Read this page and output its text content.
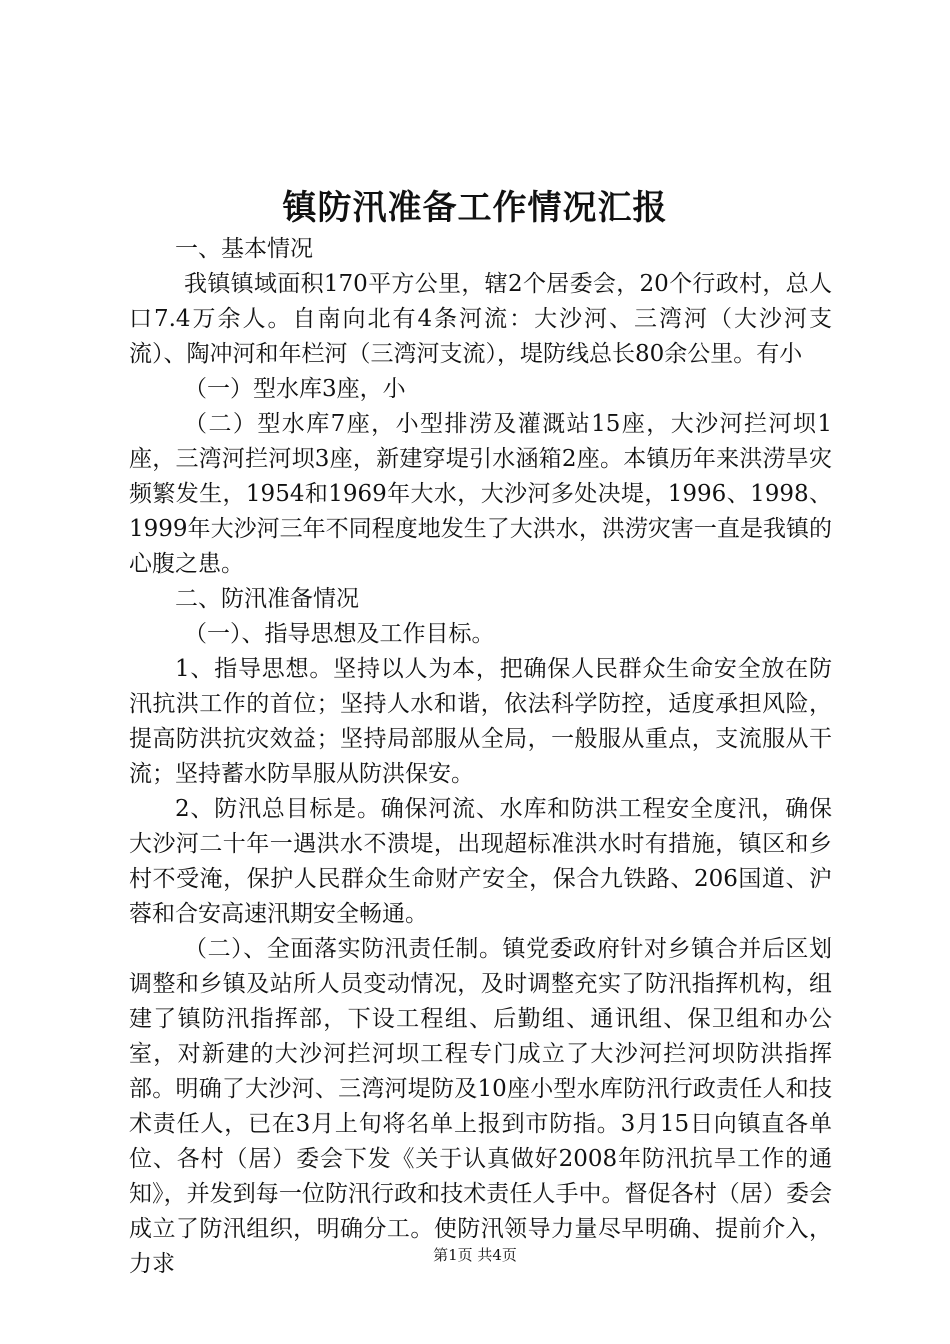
镇防汛准备工作情况汇报

一、基本情况

我镇镇域面积170平方公里，辖2个居委会，20个行政村，总人口7.4万余人。自南向北有4条河流：大沙河、三湾河（大沙河支流）、陶冲河和年栏河（三湾河支流），堤防线总长80余公里。有小

（一）型水库3座，小

（二）型水库7座，小型排涝及灌溉站15座，大沙河拦河坝1座，三湾河拦河坝3座，新建穿堤引水涵箱2座。本镇历年来洪涝旱灾频繁发生，1954和1969年大水，大沙河多处决堤，1996、1998、1999年大沙河三年不同程度地发生了大洪水，洪涝灾害一直是我镇的心腹之患。

二、防汛准备情况

（一）、指导思想及工作目标。

1、指导思想。坚持以人为本，把确保人民群众生命安全放在防汛抗洪工作的首位；坚持人水和谐，依法科学防控，适度承担风险，提高防洪抗灾效益；坚持局部服从全局，一般服从重点，支流服从干流；坚持蓄水防旱服从防洪保安。

2、防汛总目标是。确保河流、水库和防洪工程安全度汛，确保大沙河二十年一遇洪水不溃堤，出现超标准洪水时有措施，镇区和乡村不受淹，保护人民群众生命财产安全，保合九铁路、206国道、沪蓉和合安高速汛期安全畅通。

（二）、全面落实防汛责任制。镇党委政府针对乡镇合并后区划调整和乡镇及站所人员变动情况，及时调整充实了防汛指挥机构，组建了镇防汛指挥部，下设工程组、后勤组、通讯组、保卫组和办公室，对新建的大沙河拦河坝工程专门成立了大沙河拦河坝防洪指挥部。明确了大沙河、三湾河堤防及10座小型水库防汛行政责任人和技术责任人，已在3月上旬将名单上报到市防指。3月15日向镇直各单位、各村（居）委会下发《关于认真做好2008年防汛抗旱工作的通知》，并发到每一位防汛行政和技术责任人手中。督促各村（居）委会成立了防汛组织，明确分工。使防汛领导力量尽早明确、提前介入，力求	第1页 共4页
